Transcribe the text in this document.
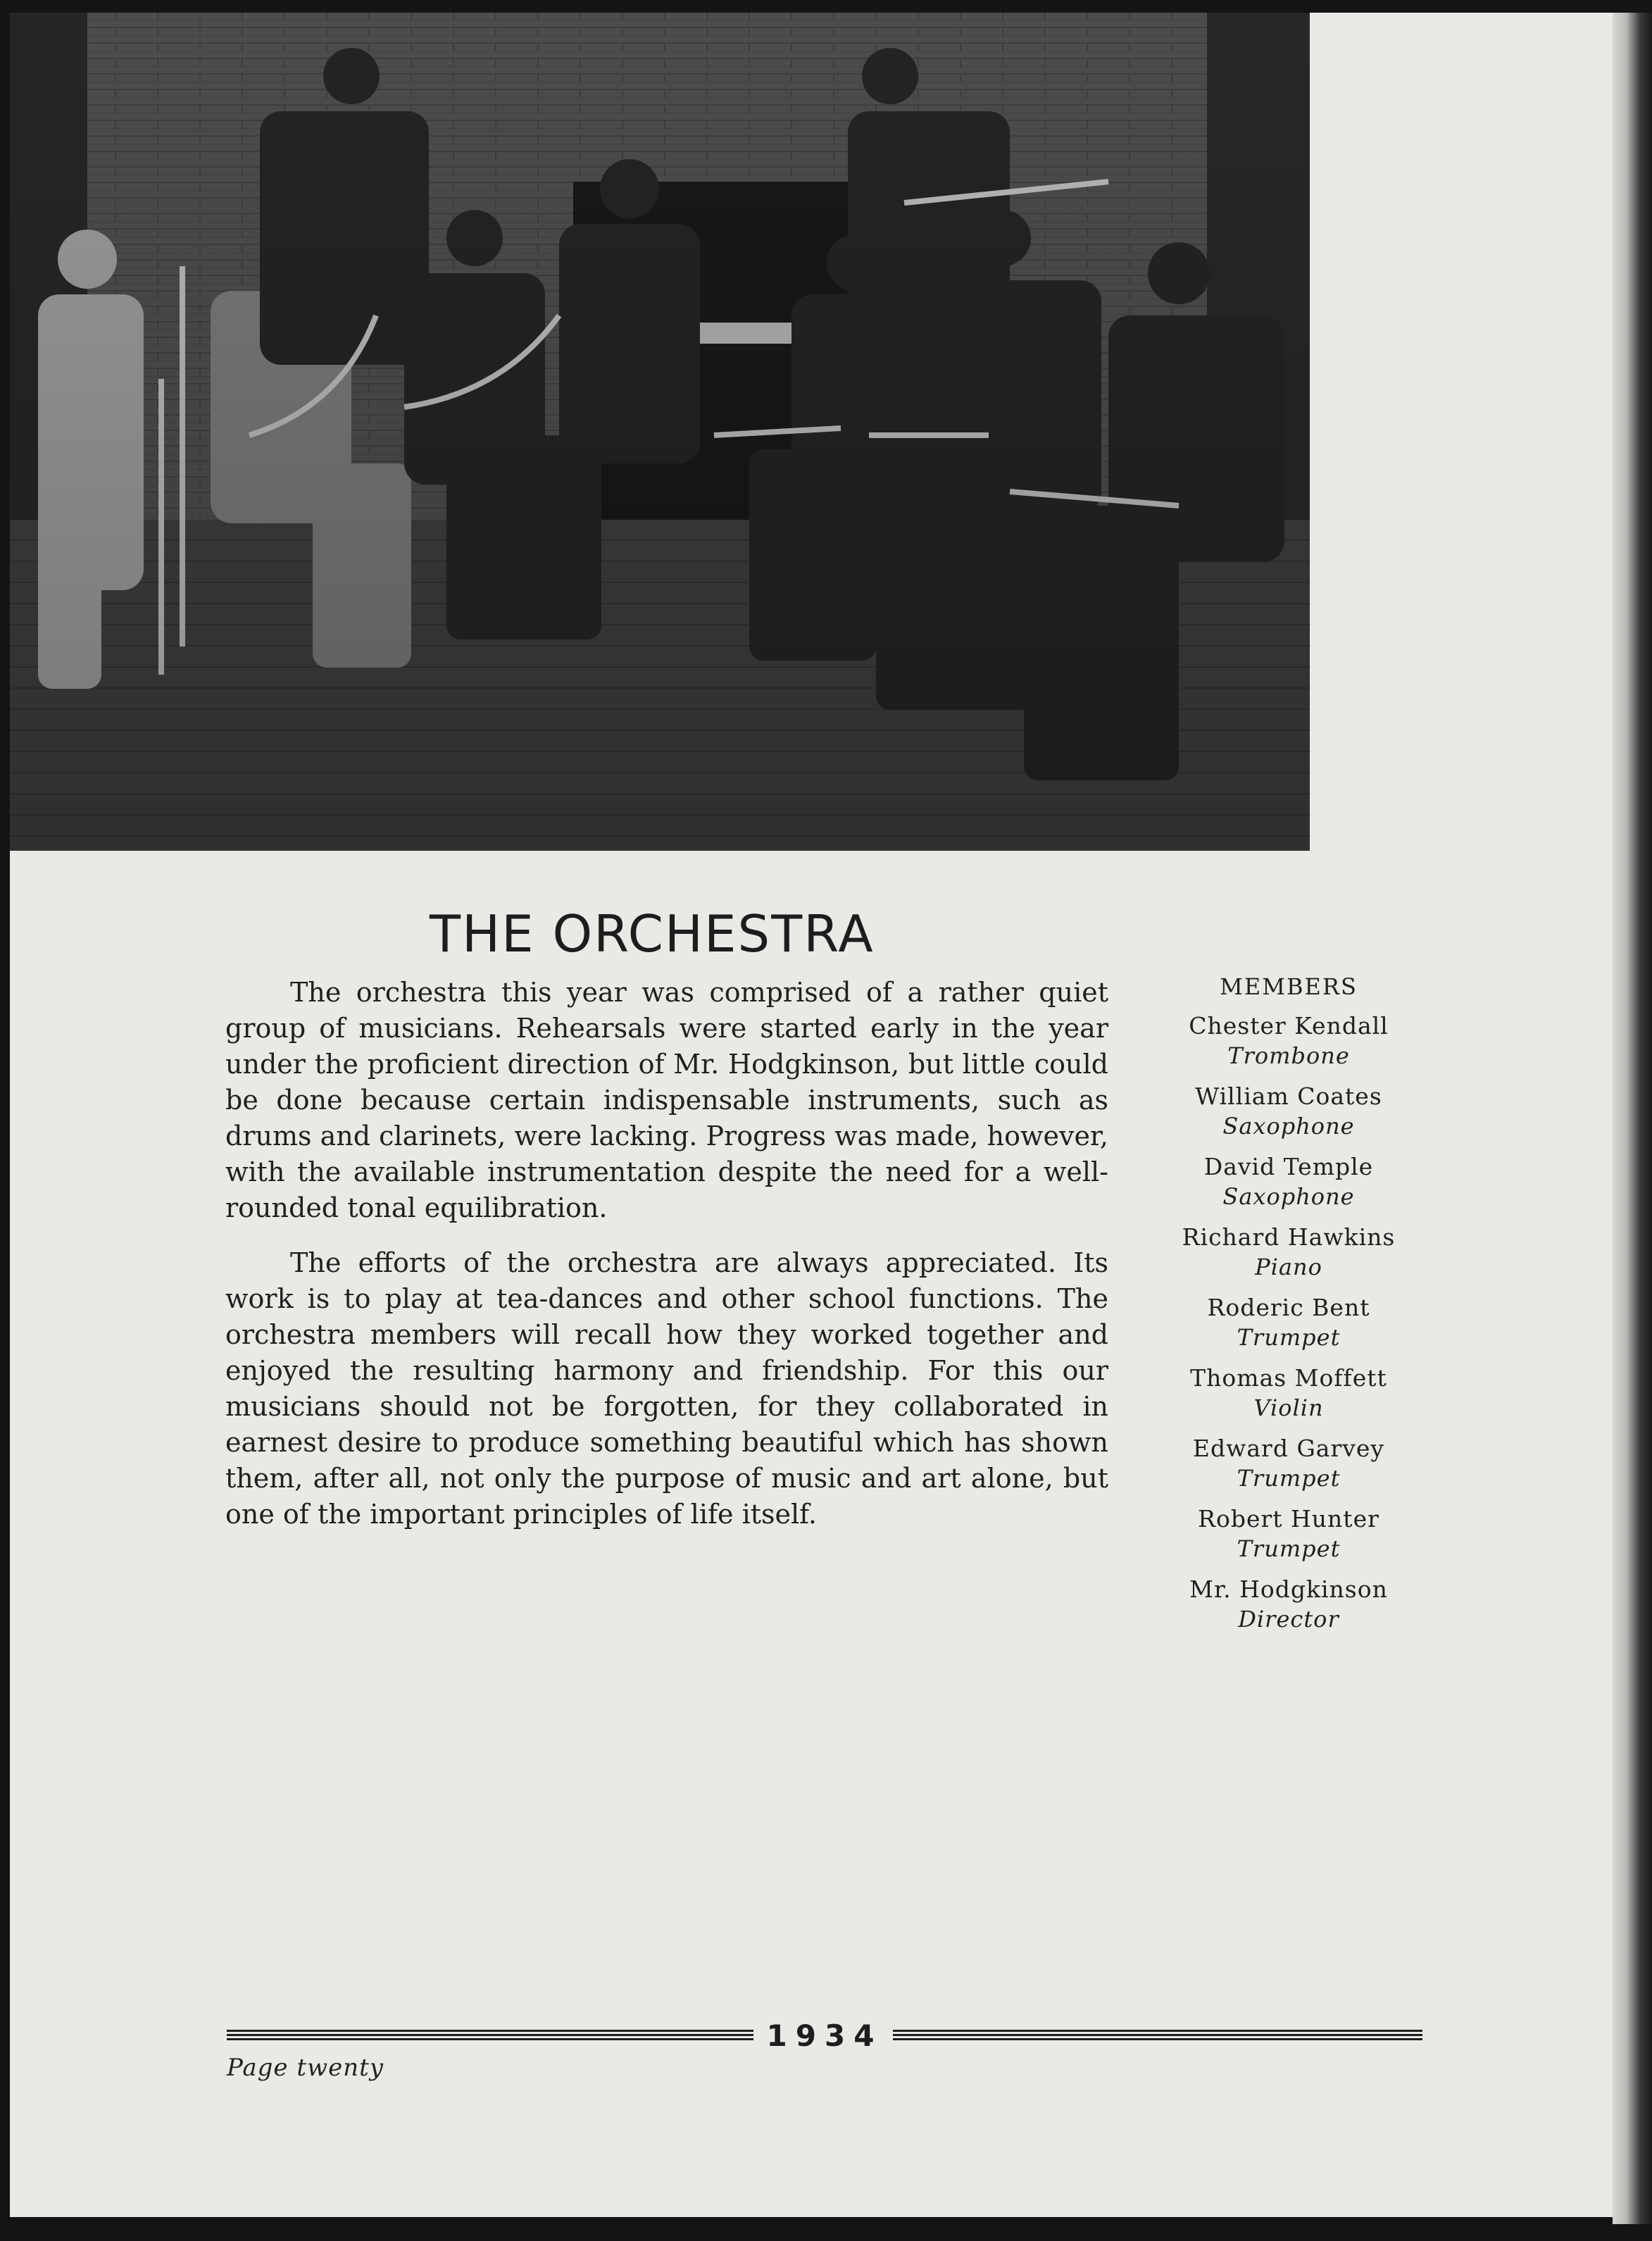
THE ORCHESTRA

The orchestra this year was comprised of a rather quiet group of musicians. Rehearsals were started early in the year under the proficient direction of Mr. Hodgkinson, but little could be done because certain indispensable instruments, such as drums and clarinets, were lacking. Progress was made, however, with the available instrumentation despite the need for a well-rounded tonal equilibration.

The efforts of the orchestra are always appreciated. Its work is to play at tea-dances and other school functions. The orchestra members will recall how they worked together and enjoyed the resulting harmony and friendship. For this our musicians should not be forgotten, for they collaborated in earnest desire to produce something beautiful which has shown them, after all, not only the purpose of music and art alone, but one of the important principles of life itself.

MEMBERS
Chester Kendall
Trombone
William Coates
Saxophone
David Temple
Saxophone
Richard Hawkins
Piano
Roderic Bent
Trumpet
Thomas Moffett
Violin
Edward Garvey
Trumpet
Robert Hunter
Trumpet
Mr. Hodgkinson
Director
1934
Page twenty
